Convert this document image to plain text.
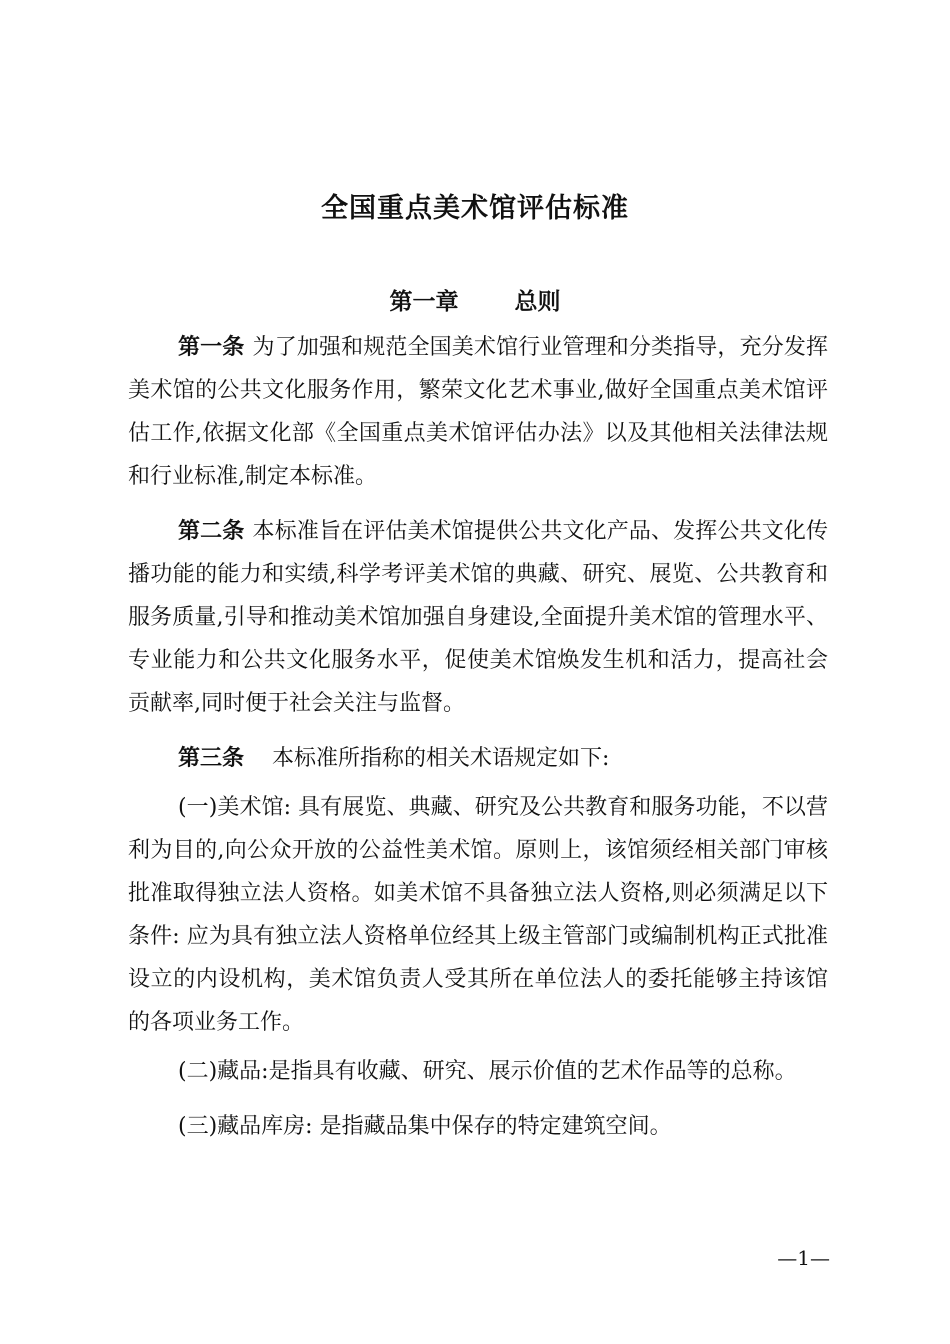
全国重点美术馆评估标准
第一章 总则

第一条 为了加强和规范全国美术馆行业管理和分类指导，充分发挥美术馆的公共文化服务作用，繁荣文化艺术事业,做好全国重点美术馆评估工作,依据文化部《全国重点美术馆评估办法》以及其他相关法律法规和行业标准,制定本标准。

第二条 本标准旨在评估美术馆提供公共文化产品、发挥公共文化传播功能的能力和实绩,科学考评美术馆的典藏、研究、展览、公共教育和服务质量,引导和推动美术馆加强自身建设,全面提升美术馆的管理水平、专业能力和公共文化服务水平，促使美术馆焕发生机和活力，提高社会贡献率,同时便于社会关注与监督。

第三条 本标准所指称的相关术语规定如下:

(一)美术馆: 具有展览、典藏、研究及公共教育和服务功能，不以营利为目的,向公众开放的公益性美术馆。原则上，该馆须经相关部门审核批准取得独立法人资格。如美术馆不具备独立法人资格,则必须满足以下条件: 应为具有独立法人资格单位经其上级主管部门或编制机构正式批准设立的内设机构，美术馆负责人受其所在单位法人的委托能够主持该馆的各项业务工作。

(二)藏品:是指具有收藏、研究、展示价值的艺术作品等的总称。

(三)藏品库房: 是指藏品集中保存的特定建筑空间。

—1—
